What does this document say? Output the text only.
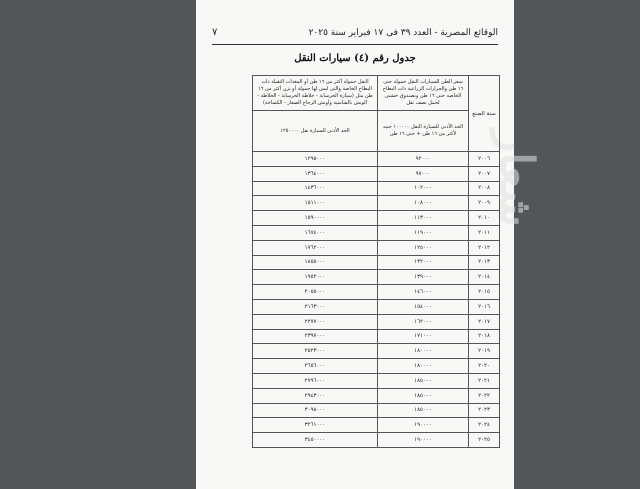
شعار
الوقائع المصرية - العدد ٣٩ فى ١٧ فبراير سنة ٢٠٢٥
٧
جدول رقم (٤) سيارات النقل
سنة الصنع	سعر الطن للسيارات النقل حمولة حتى ١٦ طن والجرارات الزراعية ذات البطاح الخاصة حتى ١٦ طن وبصندوق خشبى لحمل نصف نقل	النقل حمولة أكثر من ١٦ طن أو المعدات الثقيلة ذات البطاح الخاصة والتى ليس لها حمولة أو تزن أكثر من ١٦ طن مثل (سيارة الخرسانة - خلاطة الخرسانة - الخلاطة - الونش بالشاسية وأونش الزجاج الصقار - الكساحة)
	الحد الأدنى للسيارة النقل ١٠٠٠٠٠ جنيه لأكثر من ١٦ طن + حتى ١٦ طن	الحد الأدنى للسيارة نقل ١٢٥٠٠٠٠
٢٠٠٦	٩٢٠٠٠	١٢٩٥٠٠٠
٢٠٠٧	٩٧٠٠٠	١٣٦٤٠٠٠
٢٠٠٨	١٠٢٠٠٠	١٤٣٦٠٠٠
٢٠٠٩	١٠٨٠٠٠	١٥١١٠٠٠
٢٠١٠	١١٣٠٠٠	١٥٩٠٠٠٠
٢٠١١	١١٩٠٠٠	١٦٧٤٠٠٠
٢٠١٢	١٢٥٠٠٠	١٧٦٢٠٠٠
٢٠١٣	١٣٢٠٠٠	١٨٥٥٠٠٠
٢٠١٤	١٣٩٠٠٠	١٩٥٢٠٠٠
٢٠١٥	١٤٦٠٠٠	٢٠٥٥٠٠٠
٢٠١٦	١٥٤٠٠٠	٢١٦٣٠٠٠
٢٠١٧	١٦٢٠٠٠	٢٢٧٧٠٠٠
٢٠١٨	١٧١٠٠٠	٢٣٩٧٠٠٠
٢٠١٩	١٨٠٠٠٠	٢٥٢٣٠٠٠
٢٠٢٠	١٨٠٠٠٠	٢٦٥٦٠٠٠
٢٠٢١	١٨٥٠٠٠	٢٧٩٦٠٠٠
٢٠٢٢	١٨٥٠٠٠	٢٩٤٣٠٠٠
٢٠٢٣	١٨٥٠٠٠	٣٠٩٨٠٠٠
٢٠٢٤	١٩٠٠٠٠	٣٢٦١٠٠٠
٢٠٢٥	١٩٠٠٠٠	٣٤٥٠٠٠٠
